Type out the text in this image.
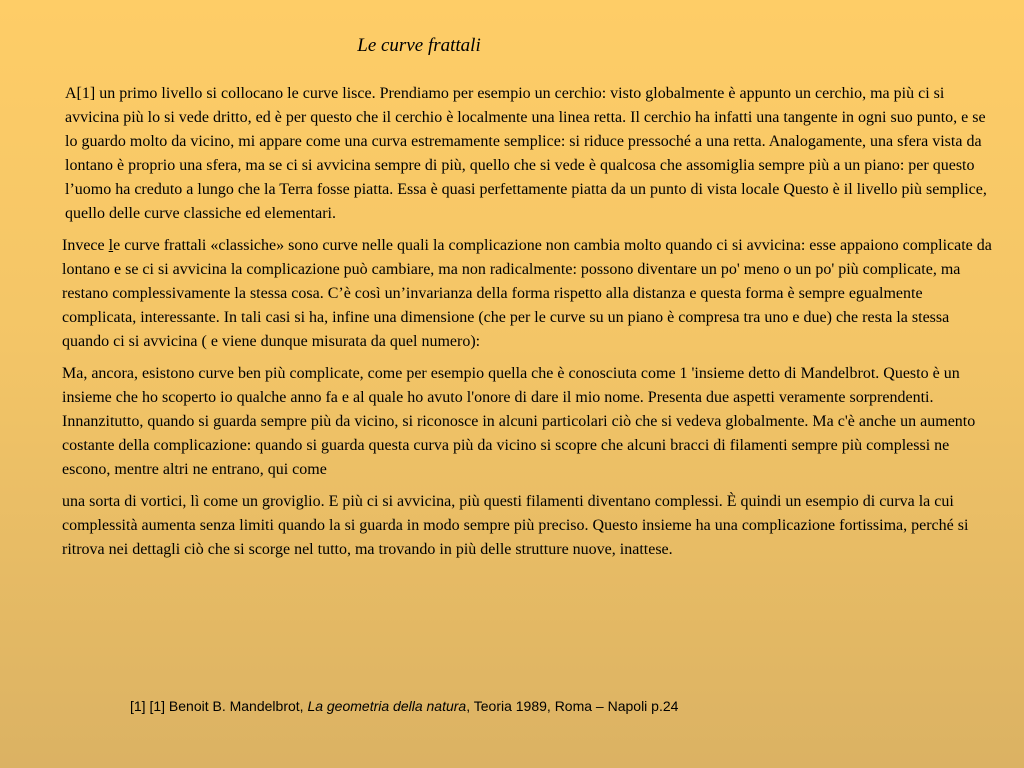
Le curve frattali

A[1] un primo livello si collocano le curve lisce. Prendiamo per esempio un cerchio: visto globalmente è appunto un cerchio, ma più ci si avvicina più lo si vede dritto, ed è per questo che il cerchio è localmente una linea retta. Il cerchio ha infatti una tangente in ogni suo punto, e se lo guardo molto da vicino, mi appare come una curva estremamente semplice: si riduce pressoché a una retta. Analogamente, una sfera vista da lontano è proprio una sfera, ma se ci si avvicina sempre di più, quello che si vede è qualcosa che assomiglia sempre più a un piano: per questo l’uomo ha creduto a lungo che la Terra fosse piatta. Essa è quasi perfettamente piatta da un punto di vista locale Questo è il livello più semplice, quello delle curve classiche ed elementari.

Invece le curve frattali «classiche» sono curve nelle quali la complicazione non cambia molto quando ci si avvicina: esse appaiono complicate da lontano e se ci si avvicina la complicazione può cambiare, ma non radicalmente: possono diventare un po' meno o un po' più complicate, ma restano complessivamente la stessa cosa. C’è così un’invarianza della forma rispetto alla distanza e questa forma è sempre egualmente complicata, interessante. In tali casi si ha, infine una dimensione (che per le curve su un piano è compresa tra uno e due) che resta la stessa quando ci si avvicina ( e viene dunque misurata da quel numero):

Ma, ancora, esistono curve ben più complicate, come per esempio quella che è conosciuta come 1 'insieme detto di Mandelbrot. Questo è un insieme che ho scoperto io qualche anno fa e al quale ho avuto l'onore di dare il mio nome. Presenta due aspetti veramente sorprendenti. Innanzitutto, quando si guarda sempre più da vicino, si riconosce in alcuni particolari ciò che si vedeva globalmente. Ma c'è anche un aumento costante della complicazione: quando si guarda questa curva più da vicino si scopre che alcuni bracci di filamenti sempre più complessi ne escono, mentre altri ne entrano, qui come

una sorta di vortici, lì come un groviglio. E più ci si avvicina, più questi filamenti diventano complessi. È quindi un esempio di curva la cui complessità aumenta senza limiti quando la si guarda in modo sempre più preciso. Questo insieme ha una complicazione fortissima, perché si ritrova nei dettagli ciò che si scorge nel tutto, ma trovando in più delle strutture nuove, inattese.

[1] [1] Benoit B. Mandelbrot, La geometria della natura, Teoria 1989, Roma – Napoli p.24
